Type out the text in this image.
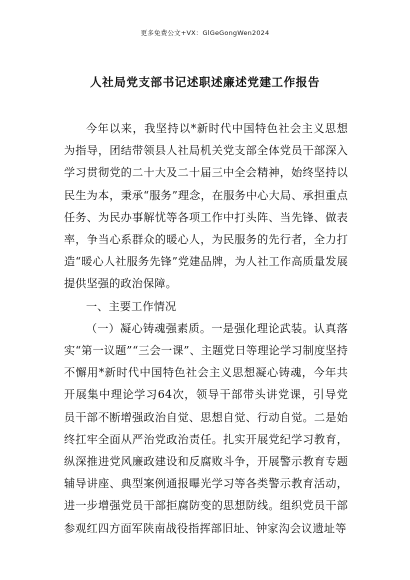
更多免费公文+VX：GlGeGongWen2024
人社局党支部书记述职述廉述党建工作报告

今年以来，我坚持以*新时代中国特色社会主义思想为指导，团结带领县人社局机关党支部全体党员干部深入学习贯彻党的二十大及二十届三中全会精神，始终坚持以民生为本，秉承“服务”理念，在服务中心大局、承担重点任务、为民办事解忧等各项工作中打头阵、当先锋、做表率，争当心系群众的暖心人，为民服务的先行者，全力打造“暖心人社服务先锋”党建品牌，为人社工作高质量发展提供坚强的政治保障。

一、主要工作情况

（一）凝心铸魂强素质。一是强化理论武装。认真落实“第一议题”“三会一课”、主题党日等理论学习制度坚持不懈用*新时代中国特色社会主义思想凝心铸魂，今年共开展集中理论学习64次，领导干部带头讲党课，引导党员干部不断增强政治自觉、思想自觉、行动自觉。二是始终扛牢全面从严治党政治责任。扎实开展党纪学习教育，纵深推进党风廉政建设和反腐败斗争，开展警示教育专题辅导讲座、典型案例通报曝光学习等各类警示教育活动，进一步增强党员干部拒腐防变的思想防线。组织党员干部参观红四方面军陕南战役指挥部旧址、钟家沟会议遗址等
